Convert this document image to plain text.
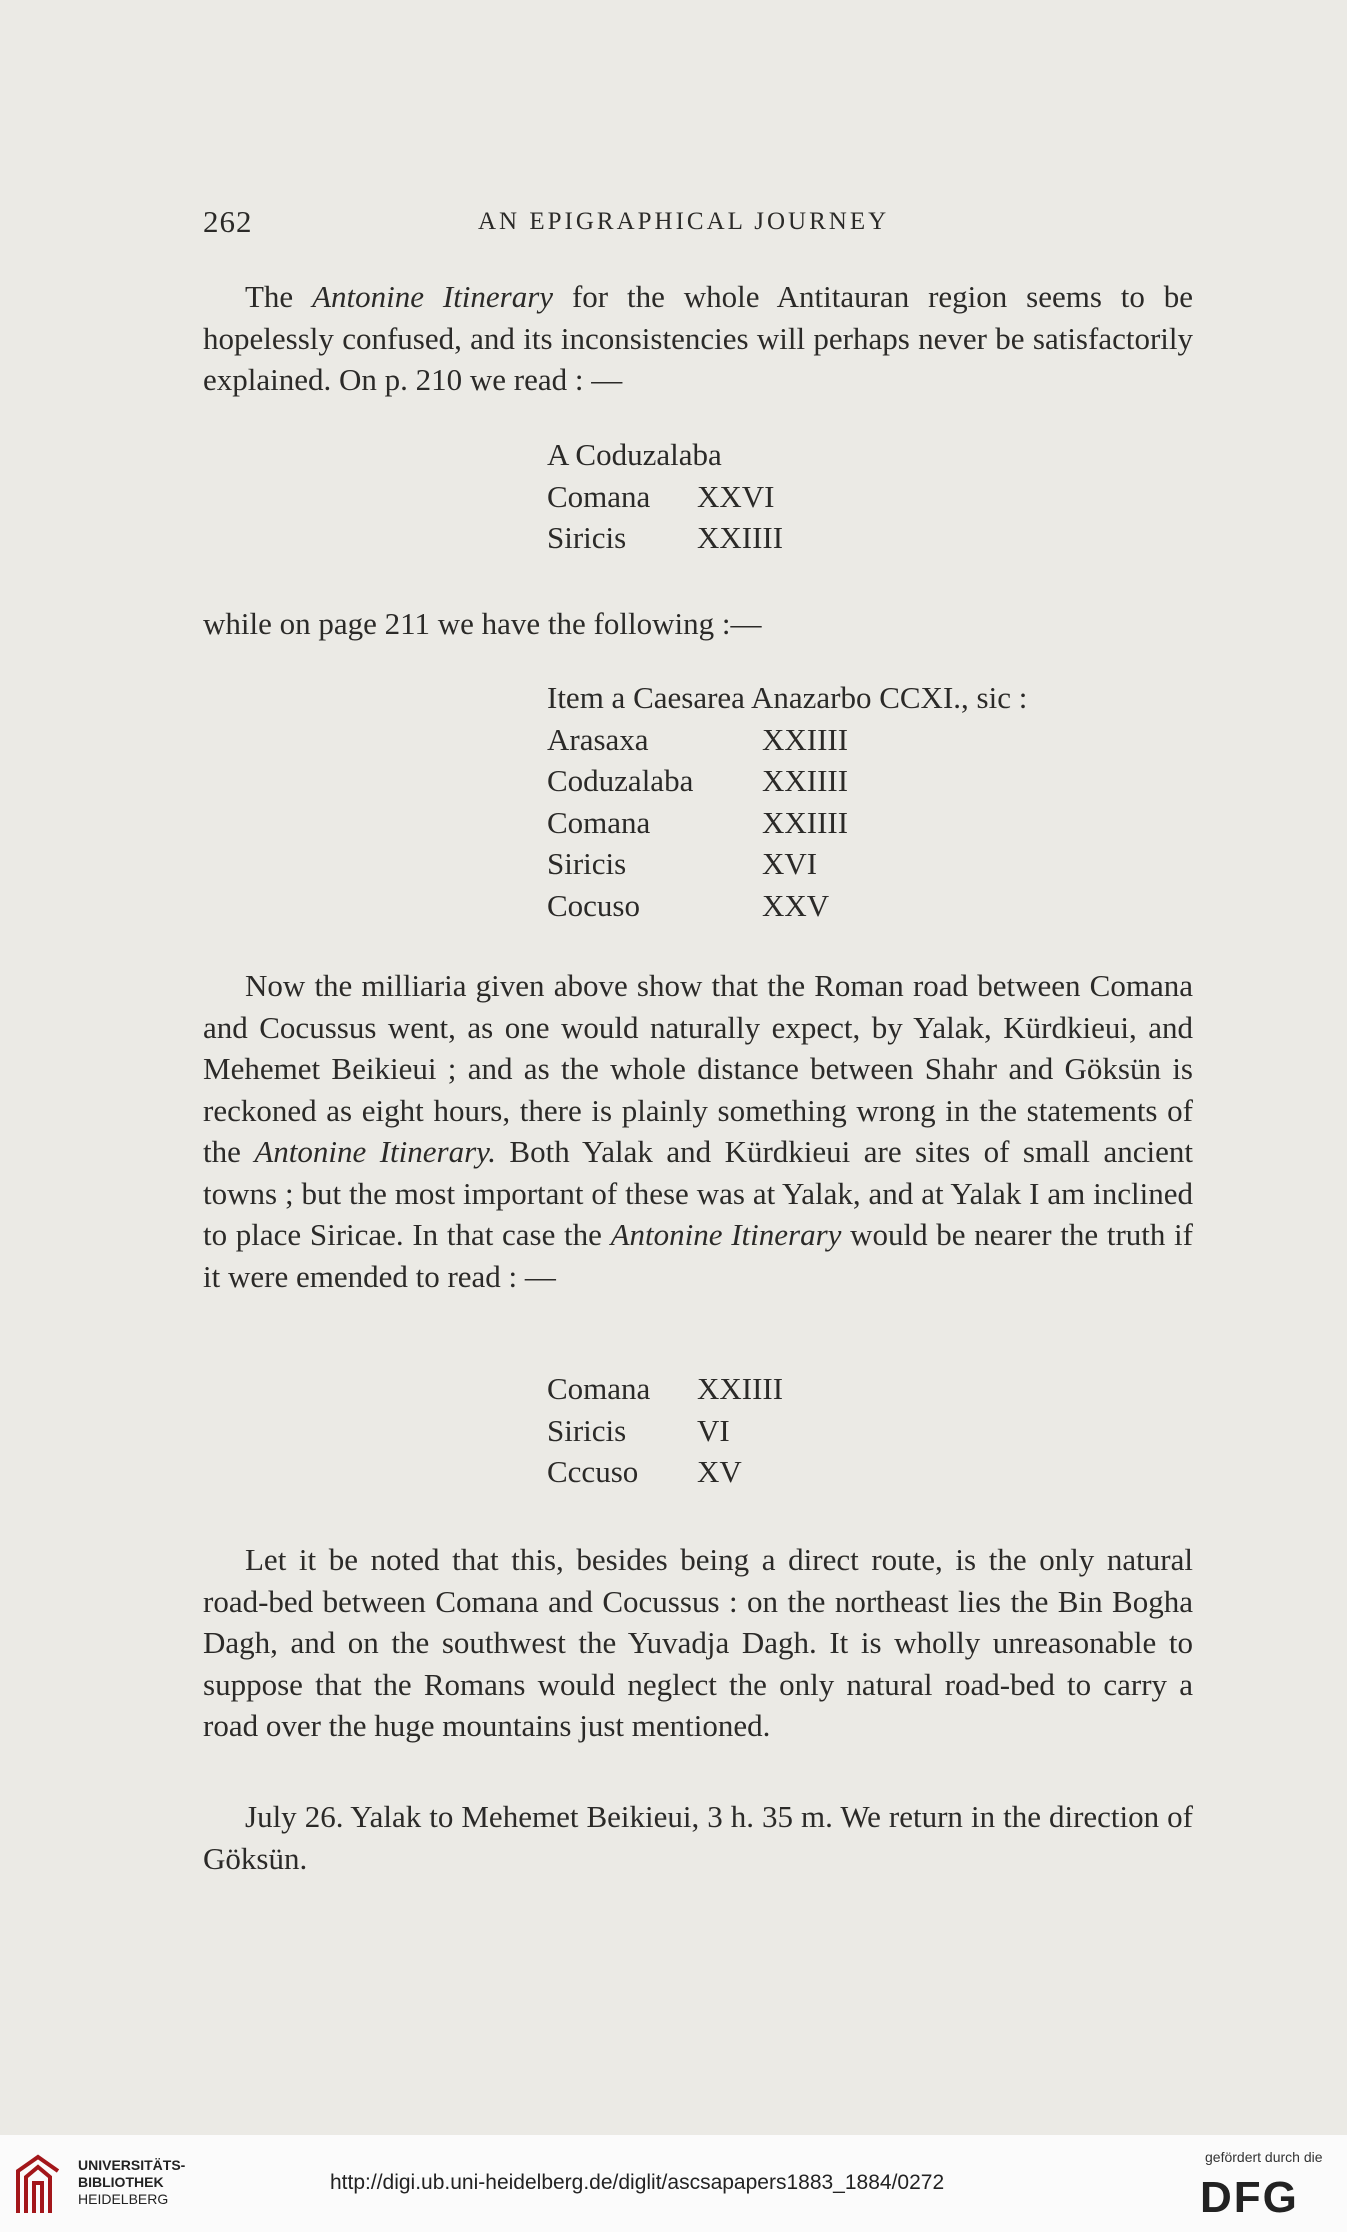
262	AN EPIGRAPHICAL JOURNEY

The Antonine Itinerary for the whole Antitauran region seems to be hopelessly confused, and its inconsistencies will perhaps never be satisfactorily explained. On p. 210 we read : —

A Coduzalaba
Comana	XXVI
Siricis	XXIIII

while on page 211 we have the following :—

Item a Caesarea Anazarbo CCXI., sic :
Arasaxa	XXIIII
Coduzalaba	XXIIII
Comana	XXIIII
Siricis	XVI
Cocuso	XXV

Now the milliaria given above show that the Roman road between Comana and Cocussus went, as one would naturally expect, by Yalak, Kürdkieui, and Mehemet Beikieui ; and as the whole distance between Shahr and Göksün is reckoned as eight hours, there is plainly something wrong in the statements of the Antonine Itinerary. Both Yalak and Kürdkieui are sites of small ancient towns ; but the most important of these was at Yalak, and at Yalak I am inclined to place Siricae. In that case the Antonine Itinerary would be nearer the truth if it were emended to read : —

Comana	XXIIII
Siricis	VI
Cccuso	XV

Let it be noted that this, besides being a direct route, is the only natural road-bed between Comana and Cocussus : on the northeast lies the Bin Bogha Dagh, and on the southwest the Yuvadja Dagh. It is wholly unreasonable to suppose that the Romans would neglect the only natural road-bed to carry a road over the huge mountains just mentioned.

July 26. Yalak to Mehemet Beikieui, 3 h. 35 m. We return in the direction of Göksün.

UNIVERSITÄTS-
BIBLIOTHEK
HEIDELBERG
http://digi.ub.uni-heidelberg.de/diglit/ascsapapers1883_1884/0272
gefördert durch die
DFG
